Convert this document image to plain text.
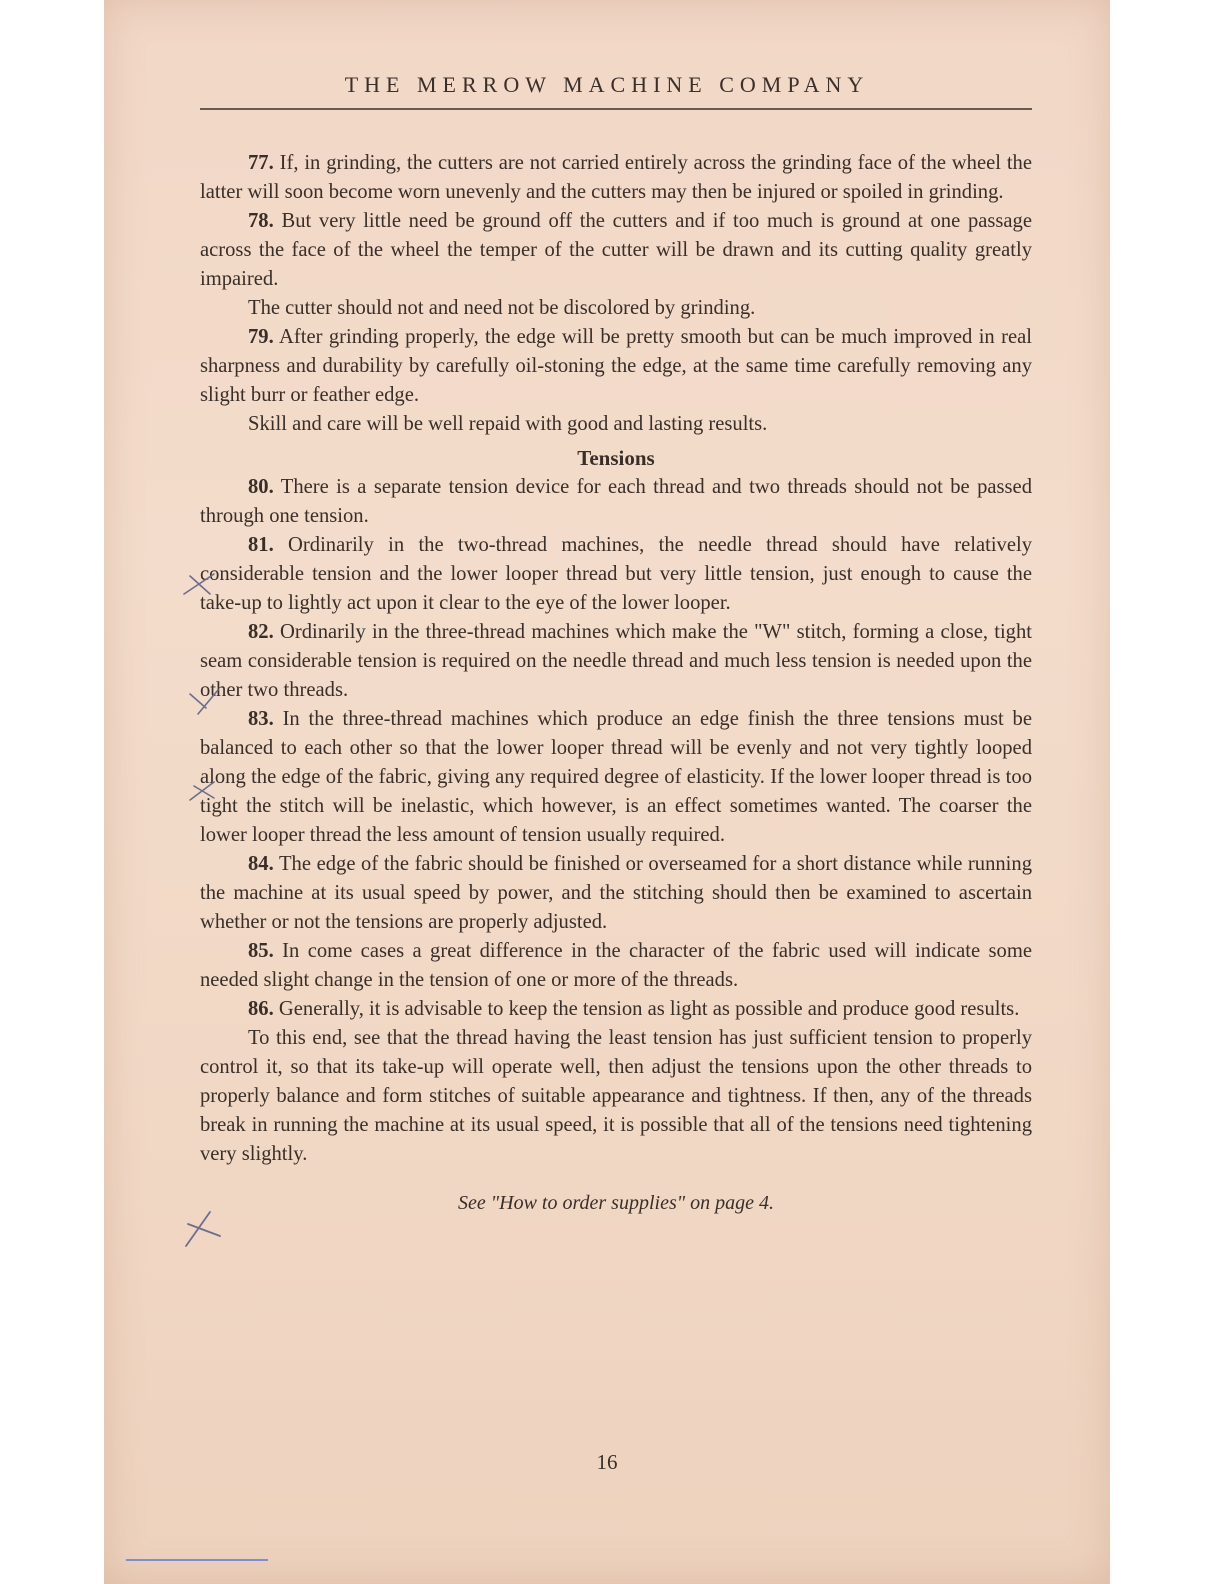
THE MERROW MACHINE COMPANY

77. If, in grinding, the cutters are not carried entirely across the grinding face of the wheel the latter will soon become worn unevenly and the cutters may then be injured or spoiled in grinding.

78. But very little need be ground off the cutters and if too much is ground at one passage across the face of the wheel the temper of the cutter will be drawn and its cutting quality greatly impaired.

The cutter should not and need not be discolored by grinding.

79. After grinding properly, the edge will be pretty smooth but can be much improved in real sharpness and durability by carefully oil-stoning the edge, at the same time carefully removing any slight burr or feather edge.

Skill and care will be well repaid with good and lasting results.

Tensions

80. There is a separate tension device for each thread and two threads should not be passed through one tension.

81. Ordinarily in the two-thread machines, the needle thread should have relatively considerable tension and the lower looper thread but very little tension, just enough to cause the take-up to lightly act upon it clear to the eye of the lower looper.

82. Ordinarily in the three-thread machines which make the "W" stitch, forming a close, tight seam considerable tension is required on the needle thread and much less tension is needed upon the other two threads.

83. In the three-thread machines which produce an edge finish the three tensions must be balanced to each other so that the lower looper thread will be evenly and not very tightly looped along the edge of the fabric, giving any required degree of elasticity. If the lower looper thread is too tight the stitch will be inelastic, which however, is an effect sometimes wanted. The coarser the lower looper thread the less amount of tension usually required.

84. The edge of the fabric should be finished or overseamed for a short distance while running the machine at its usual speed by power, and the stitching should then be examined to ascertain whether or not the tensions are properly adjusted.

85. In come cases a great difference in the character of the fabric used will indicate some needed slight change in the tension of one or more of the threads.

86. Generally, it is advisable to keep the tension as light as possible and produce good results.

To this end, see that the thread having the least tension has just sufficient tension to properly control it, so that its take-up will operate well, then adjust the tensions upon the other threads to properly balance and form stitches of suitable appearance and tightness. If then, any of the threads break in running the machine at its usual speed, it is possible that all of the tensions need tightening very slightly.

See "How to order supplies" on page 4.
16
